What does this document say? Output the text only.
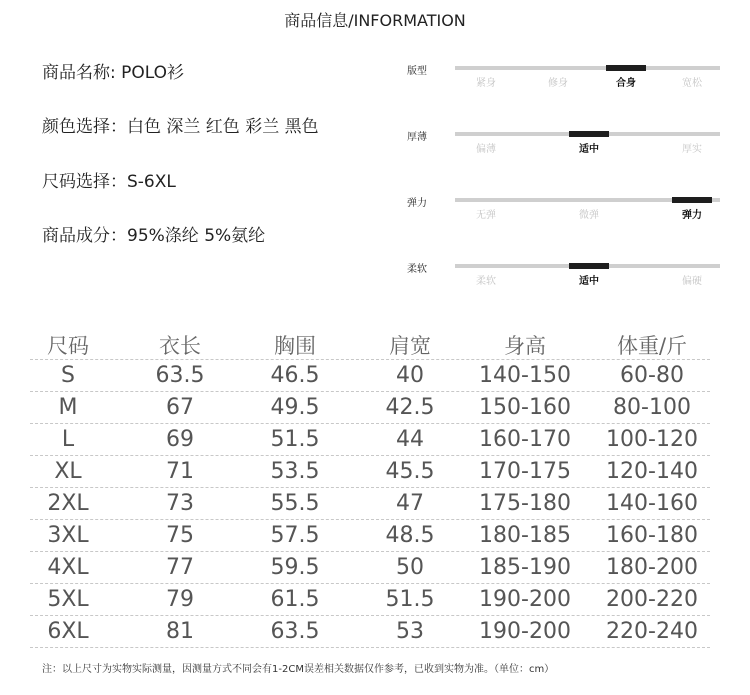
商品信息/INFORMATION
商品名称: POLO衫
颜色选择：白色 深兰 红色 彩兰 黑色
尺码选择：S-6XL
商品成分：95%涤纶 5%氨纶
版型
紧身	修身	合身	宽松
厚薄
偏薄	适中	厚实
弹力
无弹	微弹	弹力
柔软
柔软	适中	偏硬
尺码	衣长	胸围	肩宽	身高	体重/斤
S	63.5	46.5	40	140-150	60-80
M	67	49.5	42.5	150-160	80-100
L	69	51.5	44	160-170	100-120
XL	71	53.5	45.5	170-175	120-140
2XL	73	55.5	47	175-180	140-160
3XL	75	57.5	48.5	180-185	160-180
4XL	77	59.5	50	185-190	180-200
5XL	79	61.5	51.5	190-200	200-220
6XL	81	63.5	53	190-200	220-240
注：以上尺寸为实物实际测量，因测量方式不同会有1-2CM误差相关数据仅作参考，已收到实物为准。（单位：cm）
